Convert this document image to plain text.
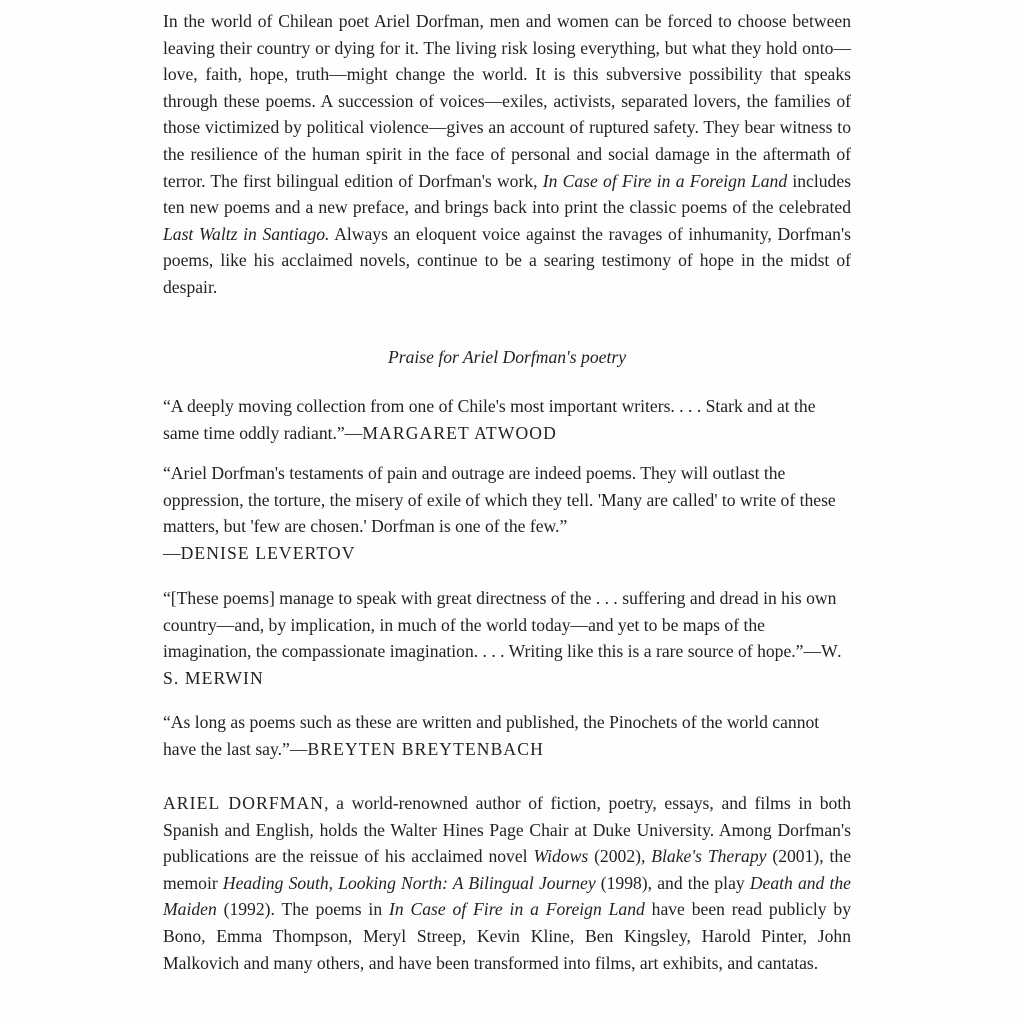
In the world of Chilean poet Ariel Dorfman, men and women can be forced to choose between leaving their country or dying for it. The living risk losing everything, but what they hold onto—love, faith, hope, truth—might change the world. It is this subversive possibility that speaks through these poems. A succession of voices—exiles, activists, separated lovers, the families of those victimized by political violence—gives an account of ruptured safety. They bear witness to the resilience of the human spirit in the face of personal and social damage in the aftermath of terror. The first bilingual edition of Dorfman's work, In Case of Fire in a Foreign Land includes ten new poems and a new preface, and brings back into print the classic poems of the celebrated Last Waltz in Santiago. Always an eloquent voice against the ravages of inhumanity, Dorfman's poems, like his acclaimed novels, continue to be a searing testimony of hope in the midst of despair.

Praise for Ariel Dorfman's poetry

“A deeply moving collection from one of Chile's most important writers. . . . Stark and at the same time oddly radiant.”—MARGARET ATWOOD

“Ariel Dorfman's testaments of pain and outrage are indeed poems. They will outlast the oppression, the torture, the misery of exile of which they tell. 'Many are called' to write of these matters, but 'few are chosen.' Dorfman is one of the few.”
—DENISE LEVERTOV

“[These poems] manage to speak with great directness of the . . . suffering and dread in his own country—and, by implication, in much of the world today—and yet to be maps of the imagination, the compassionate imagination. . . . Writing like this is a rare source of hope.”—W. S. MERWIN

“As long as poems such as these are written and published, the Pinochets of the world cannot have the last say.”—BREYTEN BREYTENBACH

ARIEL DORFMAN, a world-renowned author of fiction, poetry, essays, and films in both Spanish and English, holds the Walter Hines Page Chair at Duke University. Among Dorfman's publications are the reissue of his acclaimed novel Widows (2002), Blake's Therapy (2001), the memoir Heading South, Looking North: A Bilingual Journey (1998), and the play Death and the Maiden (1992). The poems in In Case of Fire in a Foreign Land have been read publicly by Bono, Emma Thompson, Meryl Streep, Kevin Kline, Ben Kingsley, Harold Pinter, John Malkovich and many others, and have been transformed into films, art exhibits, and cantatas.
